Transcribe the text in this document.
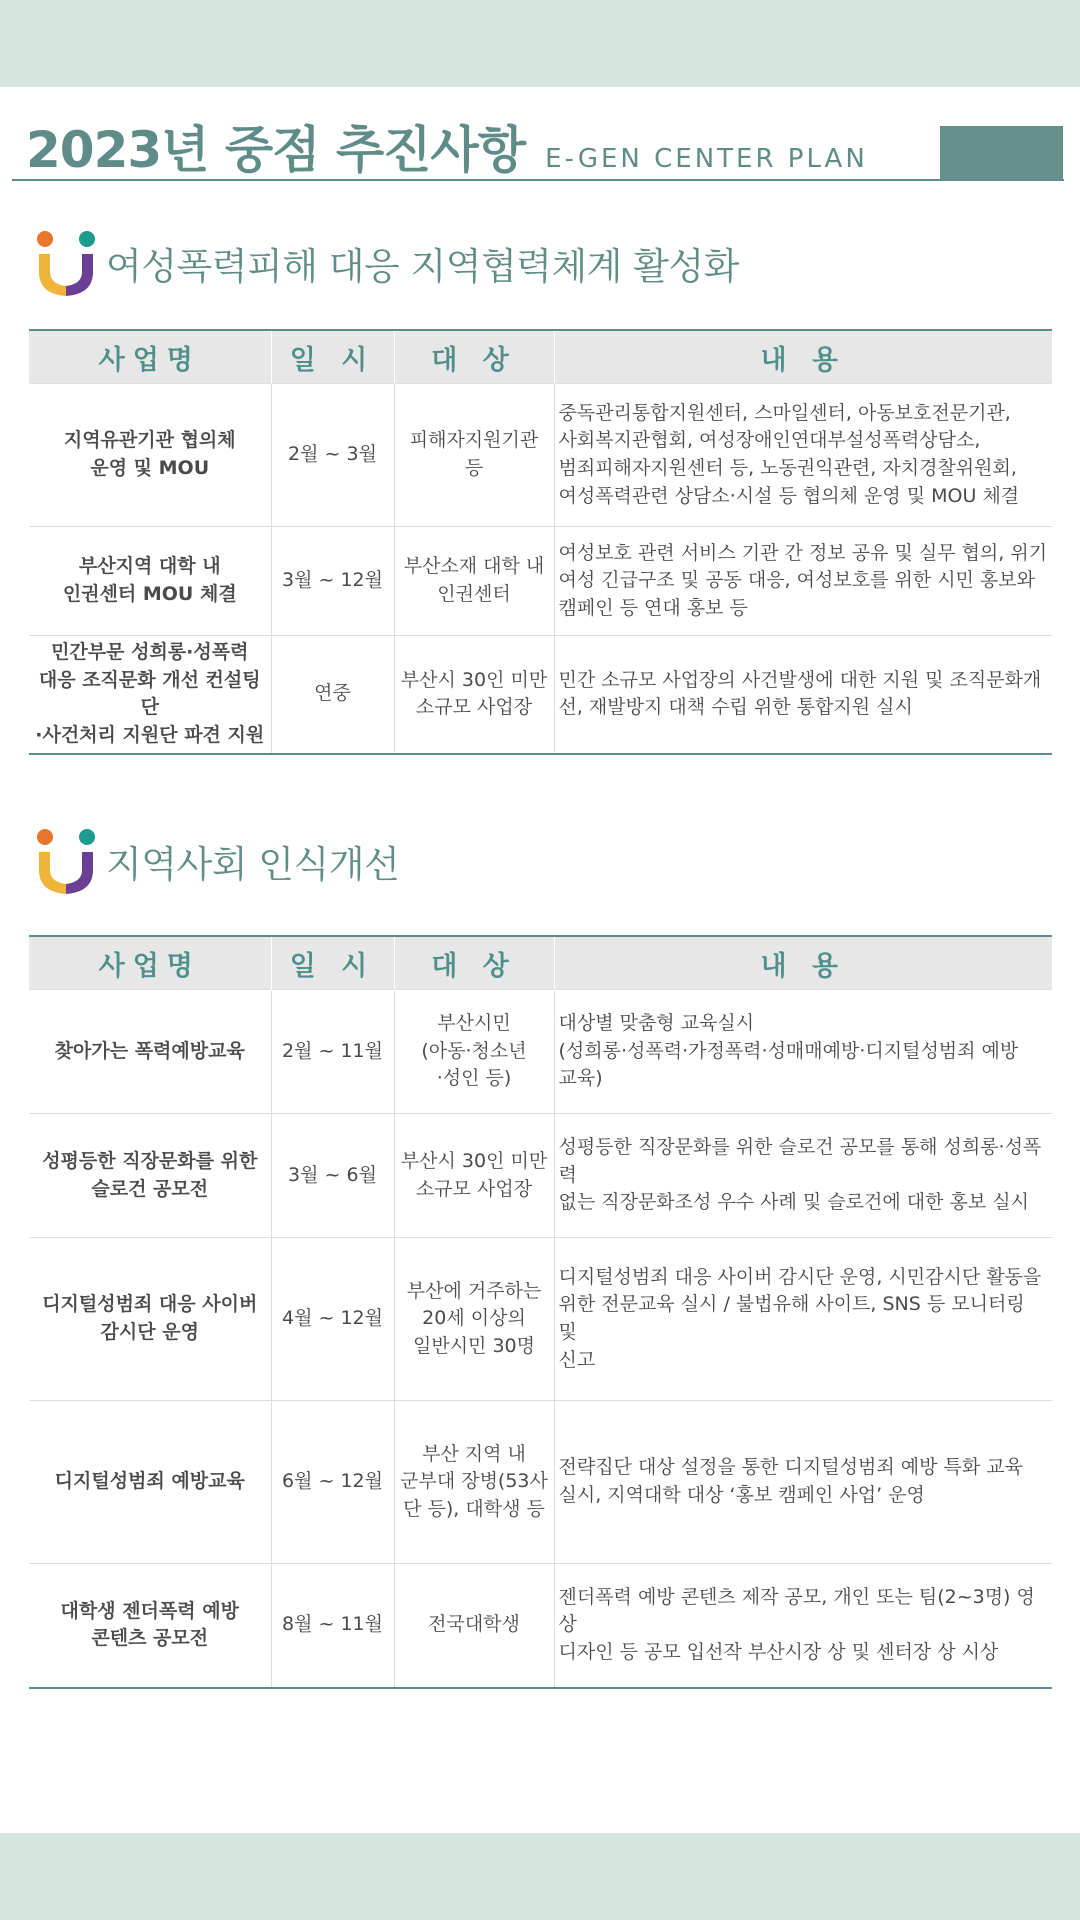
2023년 중점 추진사항 E-GEN CENTER PLAN
여성폭력피해 대응 지역협력체계 활성화
사업명	일 시	대 상	내 용
지역유관기관 협의체
운영 및 MOU	2월 ~ 3월	피해자지원기관 등	중독관리통합지원센터, 스마일센터, 아동보호전문기관,
사회복지관협회, 여성장애인연대부설성폭력상담소,
범죄피해자지원센터 등, 노동권익관련, 자치경찰위원회,
여성폭력관련 상담소·시설 등 협의체 운영 및 MOU 체결
부산지역 대학 내
인권센터 MOU 체결	3월 ~ 12월	부산소재 대학 내
인권센터	여성보호 관련 서비스 기관 간 정보 공유 및 실무 협의, 위기
여성 긴급구조 및 공동 대응, 여성보호를 위한 시민 홍보와
캠페인 등 연대 홍보 등
민간부문 성희롱·성폭력
대응 조직문화 개선 컨설팅단
·사건처리 지원단 파견 지원	연중	부산시 30인 미만
소규모 사업장	민간 소규모 사업장의 사건발생에 대한 지원 및 조직문화개
선, 재발방지 대책 수립 위한 통합지원 실시
지역사회 인식개선
사업명	일 시	대 상	내 용
찾아가는 폭력예방교육	2월 ~ 11월	부산시민
(아동·청소년
·성인 등)	대상별 맞춤형 교육실시
(성희롱·성폭력·가정폭력·성매매예방·디지털성범죄 예방
교육)
성평등한 직장문화를 위한
슬로건 공모전	3월 ~ 6월	부산시 30인 미만
소규모 사업장	성평등한 직장문화를 위한 슬로건 공모를 통해 성희롱·성폭력
없는 직장문화조성 우수 사례 및 슬로건에 대한 홍보 실시
디지털성범죄 대응 사이버
감시단 운영	4월 ~ 12월	부산에 거주하는
20세 이상의
일반시민 30명	디지털성범죄 대응 사이버 감시단 운영, 시민감시단 활동을
위한 전문교육 실시 / 불법유해 사이트, SNS 등 모니터링 및
신고
디지털성범죄 예방교육	6월 ~ 12월	부산 지역 내
군부대 장병(53사
단 등), 대학생 등	전략집단 대상 설정을 통한 디지털성범죄 예방 특화 교육
실시, 지역대학 대상 ‘홍보 캠페인 사업’ 운영
대학생 젠더폭력 예방
콘텐츠 공모전	8월 ~ 11월	전국대학생	젠더폭력 예방 콘텐츠 제작 공모, 개인 또는 팀(2~3명) 영상
디자인 등 공모 입선작 부산시장 상 및 센터장 상 시상
